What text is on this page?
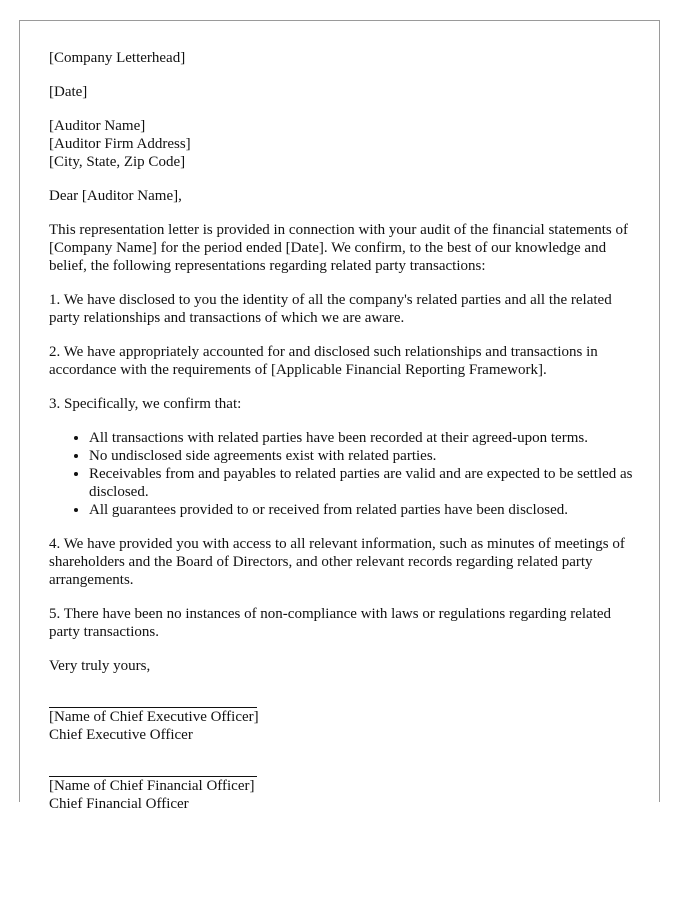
[Company Letterhead]

[Date]

[Auditor Name]

[Auditor Firm Address]

[City, State, Zip Code]

Dear [Auditor Name],

This representation letter is provided in connection with your audit of the financial statements of [Company Name] for the period ended [Date]. We confirm, to the best of our knowledge and belief, the following representations regarding related party transactions:

1. We have disclosed to you the identity of all the company's related parties and all the related party relationships and transactions of which we are aware.

2. We have appropriately accounted for and disclosed such relationships and transactions in accordance with the requirements of [Applicable Financial Reporting Framework].

3. Specifically, we confirm that:

• All transactions with related parties have been recorded at their agreed-upon terms.
• No undisclosed side agreements exist with related parties.
• Receivables from and payables to related parties are valid and are expected to be settled as disclosed.
• All guarantees provided to or received from related parties have been disclosed.

4. We have provided you with access to all relevant information, such as minutes of meetings of shareholders and the Board of Directors, and other relevant records regarding related party arrangements.

5. There have been no instances of non-compliance with laws or regulations regarding related party transactions.

Very truly yours,

[Name of Chief Executive Officer]

Chief Executive Officer

[Name of Chief Financial Officer]

Chief Financial Officer
